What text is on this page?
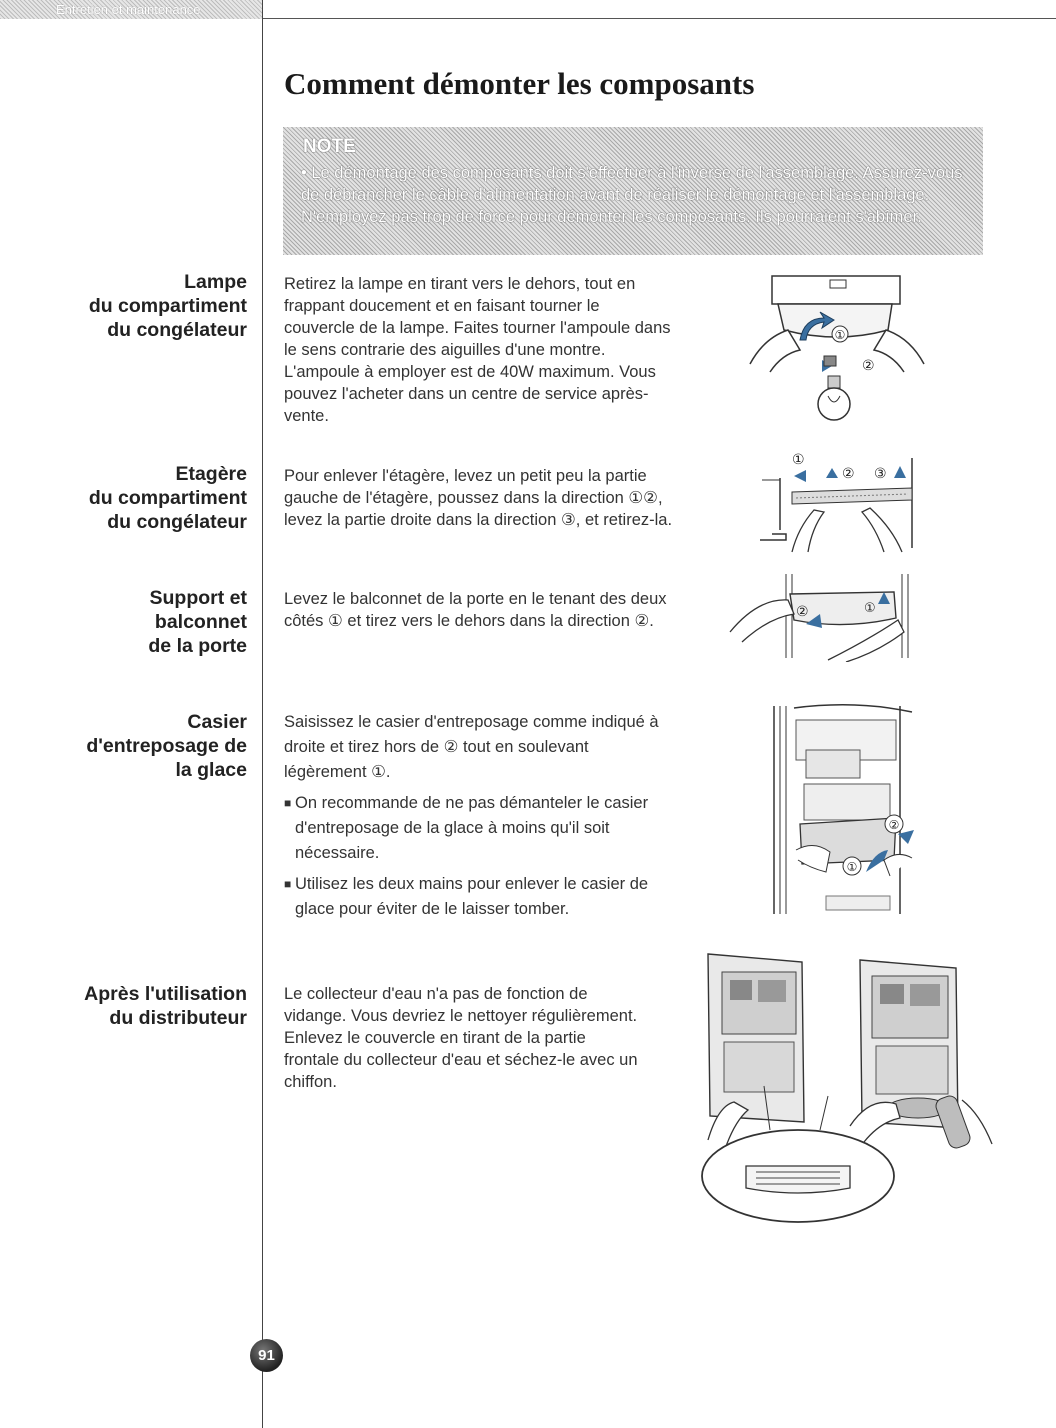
Entretien et maintenance
Comment démonter les composants
NOTE
• Le démontage des composants doit s'effectuer à l'inverse de l'assemblage. Assurez-vous de débrancher le câble d'alimentation avant de réaliser le démontage et l'assemblage. N'employez pas trop de force pour démonter les composants. Ils pourraient s'abîmer.
Lampe
du compartiment
du congélateur

Retirez la lampe en tirant vers le dehors, tout en frappant doucement et en faisant tourner le couvercle de la lampe. Faites tourner l'ampoule dans le sens contrarie des aiguilles d'une montre. L'ampoule à employer est de 40W maximum. Vous pouvez l'acheter dans un centre de service après-vente.

①
②
Etagère
du compartiment
du congélateur

Pour enlever l'étagère, levez un petit peu la partie gauche de l'étagère, poussez dans la direction ①②, levez la partie droite dans la direction ③, et retirez-la.

①
② ③
Support et
balconnet
de la porte

Levez le balconnet de la porte en le tenant des deux côtés ① et tirez vers le dehors dans la direction ②.

②	①
Casier
d'entreposage de
la glace

Saisissez le casier d'entreposage comme indiqué à droite et tirez hors de ② tout en soulevant légèrement ①.

■ On recommande de ne pas démanteler le casier d'entreposage de la glace à moins qu'il soit nécessaire.
■ Utilisez les deux mains pour enlever le casier de glace pour éviter de le laisser tomber.
②
①
Après l'utilisation
du distributeur

Le collecteur d'eau n'a pas de fonction de vidange. Vous devriez le nettoyer régulièrement.

Enlevez le couvercle en tirant de la partie frontale du collecteur d'eau et séchez-le avec un chiffon.

91
